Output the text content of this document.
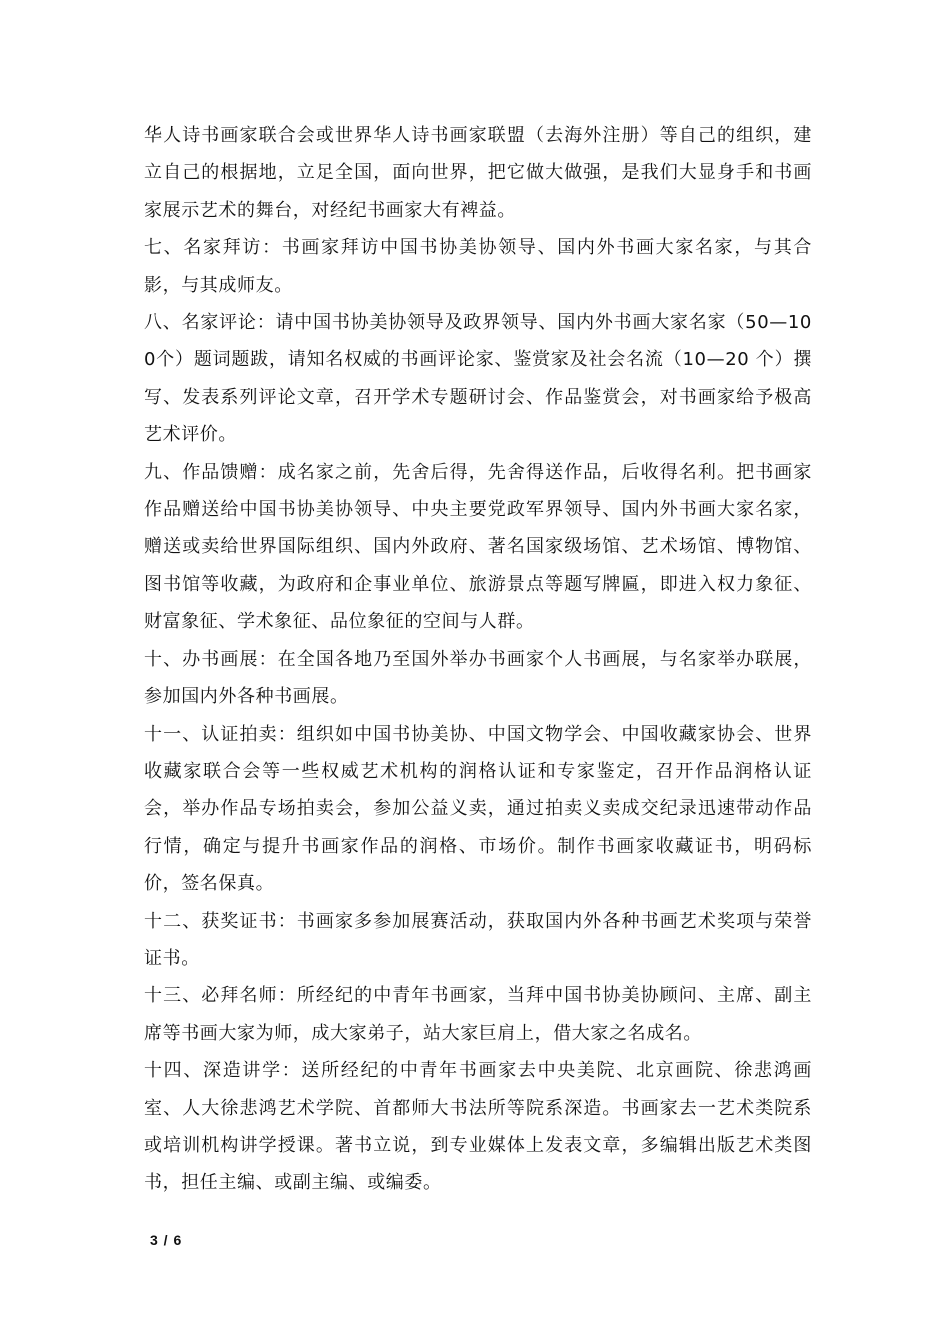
华人诗书画家联合会或世界华人诗书画家联盟（去海外注册）等自己的组织，建立自己的根据地，立足全国，面向世界，把它做大做强，是我们大显身手和书画家展示艺术的舞台，对经纪书画家大有裨益。

七、名家拜访：书画家拜访中国书协美协领导、国内外书画大家名家，与其合影，与其成师友。

八、名家评论：请中国书协美协领导及政界领导、国内外书画大家名家（50—100个）题词题跋，请知名权威的书画评论家、鉴赏家及社会名流（10—20 个）撰写、发表系列评论文章，召开学术专题研讨会、作品鉴赏会，对书画家给予极高艺术评价。

九、作品馈赠：成名家之前，先舍后得，先舍得送作品，后收得名利。把书画家作品赠送给中国书协美协领导、中央主要党政军界领导、国内外书画大家名家，赠送或卖给世界国际组织、国内外政府、著名国家级场馆、艺术场馆、博物馆、图书馆等收藏，为政府和企事业单位、旅游景点等题写牌匾，即进入权力象征、财富象征、学术象征、品位象征的空间与人群。

十、办书画展：在全国各地乃至国外举办书画家个人书画展，与名家举办联展，参加国内外各种书画展。

十一、认证拍卖：组织如中国书协美协、中国文物学会、中国收藏家协会、世界收藏家联合会等一些权威艺术机构的润格认证和专家鉴定，召开作品润格认证会，举办作品专场拍卖会，参加公益义卖，通过拍卖义卖成交纪录迅速带动作品行情，确定与提升书画家作品的润格、市场价。制作书画家收藏证书，明码标价，签名保真。

十二、获奖证书：书画家多参加展赛活动，获取国内外各种书画艺术奖项与荣誉证书。

十三、必拜名师：所经纪的中青年书画家，当拜中国书协美协顾问、主席、副主席等书画大家为师，成大家弟子，站大家巨肩上，借大家之名成名。

十四、深造讲学：送所经纪的中青年书画家去中央美院、北京画院、徐悲鸿画室、人大徐悲鸿艺术学院、首都师大书法所等院系深造。书画家去一艺术类院系或培训机构讲学授课。著书立说，到专业媒体上发表文章，多编辑出版艺术类图书，担任主编、或副主编、或编委。

3 / 6
